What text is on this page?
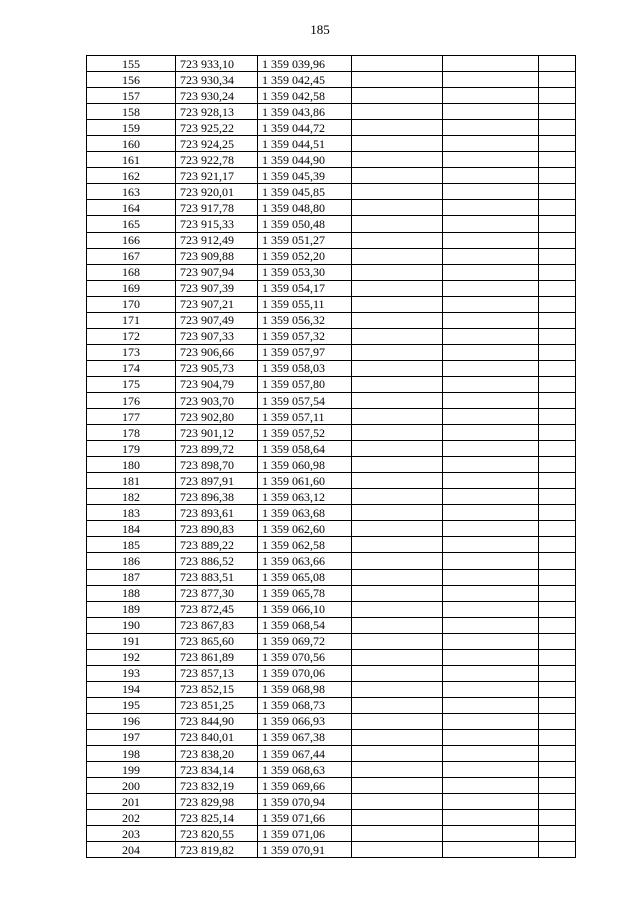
185
155	723 933,10	1 359 039,96			
156	723 930,34	1 359 042,45			
157	723 930,24	1 359 042,58			
158	723 928,13	1 359 043,86			
159	723 925,22	1 359 044,72			
160	723 924,25	1 359 044,51			
161	723 922,78	1 359 044,90			
162	723 921,17	1 359 045,39			
163	723 920,01	1 359 045,85			
164	723 917,78	1 359 048,80			
165	723 915,33	1 359 050,48			
166	723 912,49	1 359 051,27			
167	723 909,88	1 359 052,20			
168	723 907,94	1 359 053,30			
169	723 907,39	1 359 054,17			
170	723 907,21	1 359 055,11			
171	723 907,49	1 359 056,32			
172	723 907,33	1 359 057,32			
173	723 906,66	1 359 057,97			
174	723 905,73	1 359 058,03			
175	723 904,79	1 359 057,80			
176	723 903,70	1 359 057,54			
177	723 902,80	1 359 057,11			
178	723 901,12	1 359 057,52			
179	723 899,72	1 359 058,64			
180	723 898,70	1 359 060,98			
181	723 897,91	1 359 061,60			
182	723 896,38	1 359 063,12			
183	723 893,61	1 359 063,68			
184	723 890,83	1 359 062,60			
185	723 889,22	1 359 062,58			
186	723 886,52	1 359 063,66			
187	723 883,51	1 359 065,08			
188	723 877,30	1 359 065,78			
189	723 872,45	1 359 066,10			
190	723 867,83	1 359 068,54			
191	723 865,60	1 359 069,72			
192	723 861,89	1 359 070,56			
193	723 857,13	1 359 070,06			
194	723 852,15	1 359 068,98			
195	723 851,25	1 359 068,73			
196	723 844,90	1 359 066,93			
197	723 840,01	1 359 067,38			
198	723 838,20	1 359 067,44			
199	723 834,14	1 359 068,63			
200	723 832,19	1 359 069,66			
201	723 829,98	1 359 070,94			
202	723 825,14	1 359 071,66			
203	723 820,55	1 359 071,06			
204	723 819,82	1 359 070,91			
